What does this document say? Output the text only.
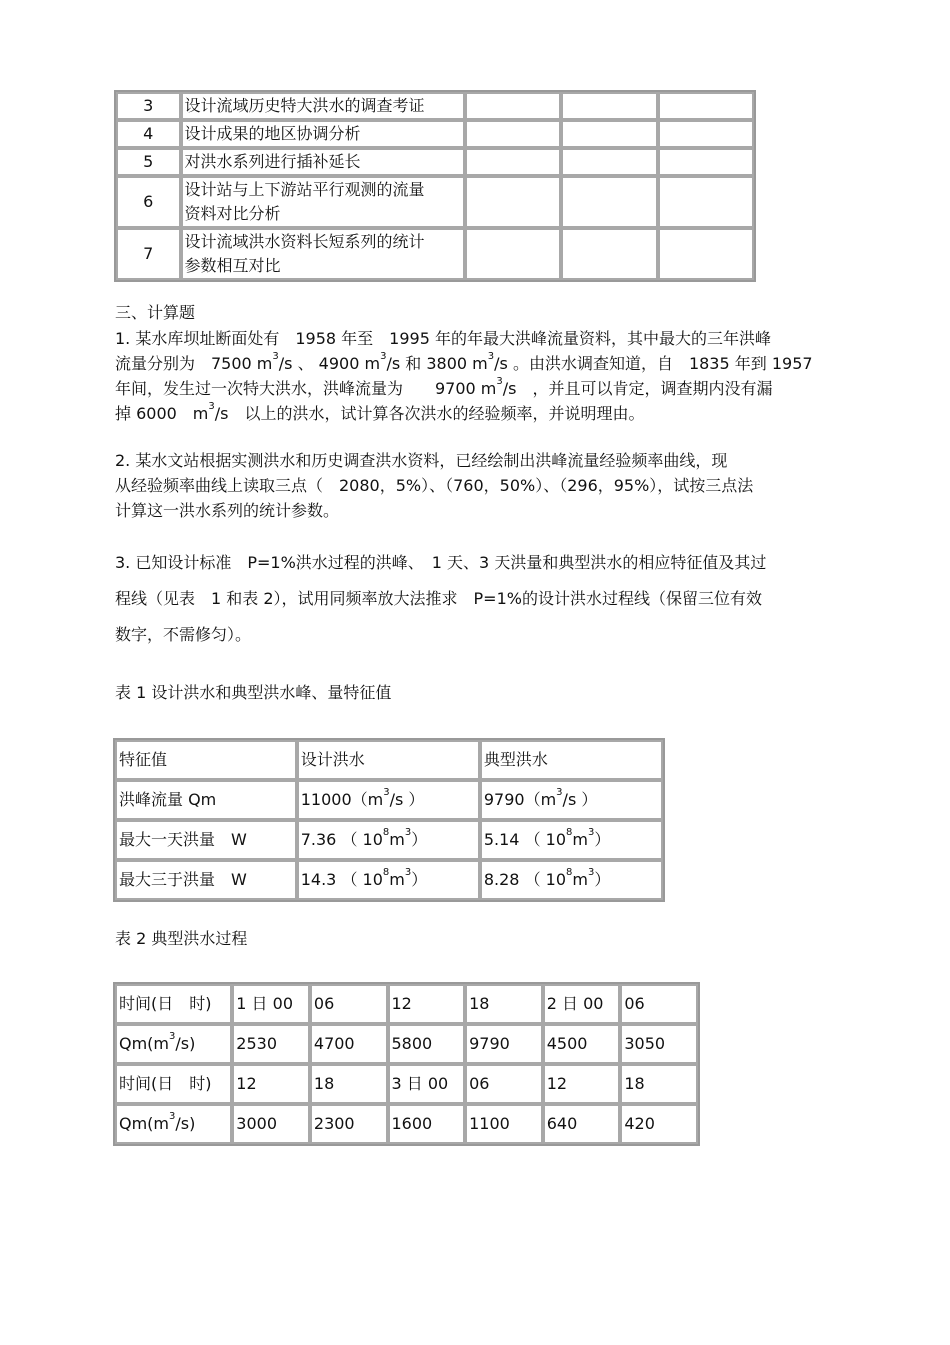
3	设计流域历史特大洪水的调查考证			
4	设计成果的地区协调分析			
5	对洪水系列进行插补延长			
6	设计站与上下游站平行观测的流量
资料对比分析			

7	设计流域洪水资料长短系列的统计
参数相互对比			

三、计算题
1. 某水库坝址断面处有　1958 年至　1995 年的年最大洪峰流量资料，其中最大的三年洪峰
流量分别为　7500 $m^3/s$ 、 4900 $m^3/s$ 和 3800 $m^3/s$ 。由洪水调查知道，自　1835 年到 1957
年间，发生过一次特大洪水，洪峰流量为　　9700 $m^3/s$　，并且可以肯定，调查期内没有漏
掉 6000　$m^3/s$　以上的洪水，试计算各次洪水的经验频率，并说明理由。
2. 某水文站根据实测洪水和历史调查洪水资料，已经绘制出洪峰流量经验频率曲线，现
从经验频率曲线上读取三点（　2080，5%）、（760，50%）、（296，95%），试按三点法
计算这一洪水系列的统计参数。
3. 已知设计标准　P=1%洪水过程的洪峰、　1 天、3 天洪量和典型洪水的相应特征值及其过
程线（见表　1 和表 2），试用同频率放大法推求　P=1%的设计洪水过程线（保留三位有效
数字，不需修匀）。
表 1 设计洪水和典型洪水峰、量特征值
特征值	设计洪水	典型洪水
洪峰流量 Qm	$11000(m^3/s$ ）	$9790(m^3/s$ ）
最大一天洪量　W	7.36 （ $10^8m^3$）	5.14 （ $10^8m^3$）
最大三于洪量　W	14.3 （ $10^8m^3$）	8.28 （ $10^8m^3$）
表 2 典型洪水过程
时间(日　时)	1 日 00	06	12	18	2 日 00	06
$Qm(m^3/s)$	2530	4700	5800	9790	4500	3050
时间(日　时)	12	18	3 日 00	06	12	18
$Qm(m^3/s)$	3000	2300	1600	1100	640	420
